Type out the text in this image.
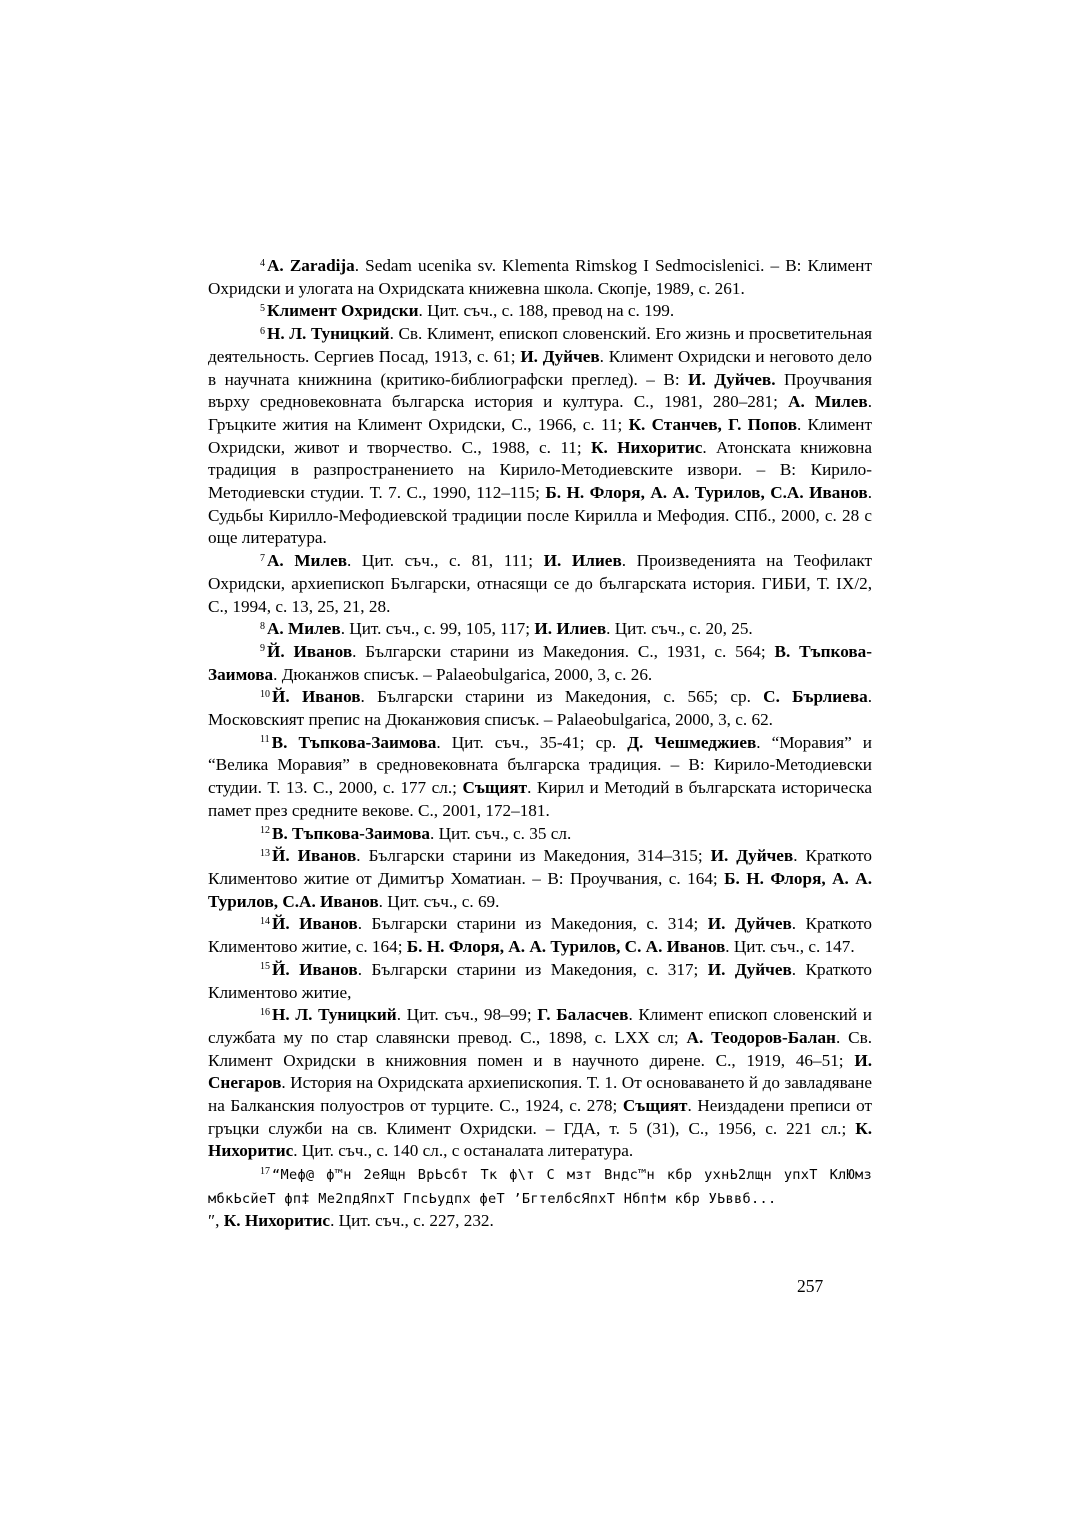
$^4$ A. Zaradija. Sedam ucenika sv. Klementa Rimskog I Sedmocislenici. – В: Климент Охридски и улогата на Охридската книжевна школа. Скопје, 1989, с. 261.

$^5$ Климент Охридски. Цит. съч., с. 188, превод на с. 199.

$^6$ Н. Л. Туницкий. Св. Климент, епископ словенский. Его жизнь и просветительная деятельность. Сергиев Посад, 1913, с. 61; И. Дуйчев. Климент Охридски и неговото дело в научната книжнина (критико-библиографски преглед). – В: И. Дуйчев. Проучвания върху средновековната българска история и култура. С., 1981, 280–281; А. Милев. Гръцките жития на Климент Охридски, С., 1966, с. 11; К. Станчев, Г. Попов. Климент Охридски, живот и творчество. С., 1988, с. 11; К. Нихоритис. Атонската книжовна традиция в разпространението на Кирило-Методиевските извори. – В: Кирило-Методиевски студии. Т. 7. С., 1990, 112–115; Б. Н. Флоря, А. А. Турилов, С.А. Иванов. Судьбы Кирилло-Мефодиевской традиции после Кирилла и Мефодия. СПб., 2000, с. 28 с още литература.

$^7$ А. Милев. Цит. съч., с. 81, 111; И. Илиев. Произведенията на Теофилакт Охридски, архиепископ Български, отнасящи се до българската история. ГИБИ, Т. IX/2, С., 1994, с. 13, 25, 21, 28.

$^8$ А. Милев. Цит. съч., с. 99, 105, 117; И. Илиев. Цит. съч., с. 20, 25.

$^9$ Й. Иванов. Български старини из Македония. С., 1931, с. 564; В. Тъпкова-Заимова. Дюканжов списък. – Palaeobulgarica, 2000, 3, с. 26.

$^{10}$ Й. Иванов. Български старини из Македония, с. 565; ср. С. Бърлиева. Московският препис на Дюканжовия списък. – Palaeobulgarica, 2000, 3, с. 62.

$^{11}$ В. Тъпкова-Заимова. Цит. съч., 35-41; ср. Д. Чешмеджиев. “Моравия” и “Велика Моравия” в средновековната българска традиция. – В: Кирило-Методиевски студии. Т. 13. С., 2000, с. 177 сл.; Същият. Кирил и Методий в българската историческа памет през средните векове. С., 2001, 172–181.

$^{12}$ В. Тъпкова-Заимова. Цит. съч., с. 35 сл.

$^{13}$ Й. Иванов. Български старини из Македония, 314–315; И. Дуйчев. Краткото Климентово житие от Димитър Хоматиан. – В: Проучвания, с. 164; Б. Н. Флоря, А. А. Турилов, С.А. Иванов. Цит. съч., с. 69.

$^{14}$ Й. Иванов. Български старини из Македония, с. 314; И. Дуйчев. Краткото Климентово житие, с. 164; Б. Н. Флоря, А. А. Турилов, С. А. Иванов. Цит. съч., с. 147.

$^{15}$ Й. Иванов. Български старини из Македония, с. 317; И. Дуйчев. Краткото Климентово житие,

$^{16}$ Н. Л. Туницкий. Цит. съч., 98–99; Г. Баласчев. Климент епископ словенский и службата му по стар славянски превод. С., 1898, с. LXX сл; А. Теодоров-Балан. Св. Климент Охридски в книжовния помен и в научното дирене. С., 1919, 46–51; И. Снегаров. История на Охридската архиепископия. Т. 1. От основаването й до завладяване на Балканския полуостров от турците. С., 1924, с. 278; Същият. Неиздадени преписи от гръцки служби на св. Климент Охридски. – ГДА, т. 5 (31), С., 1956, с. 221 сл.; К. Нихоритис. Цит. съч., с. 140 сл., с останалата литература.

$^{17}$ “Меф@ ф™н 2еЯщн ВрЬсбт Тк ф\т С мзт Вндс™н кбр ухнЬ2лщн упхТ КлЮмз мбкЬсйеТ фп‡ Ме2пдЯпхТ ГпсЬудпх феТ ’БгтелбсЯпхТ Нбп†м кбр УЬввб...
″, К. Нихоритис. Цит. съч., с. 227, 232.

257
